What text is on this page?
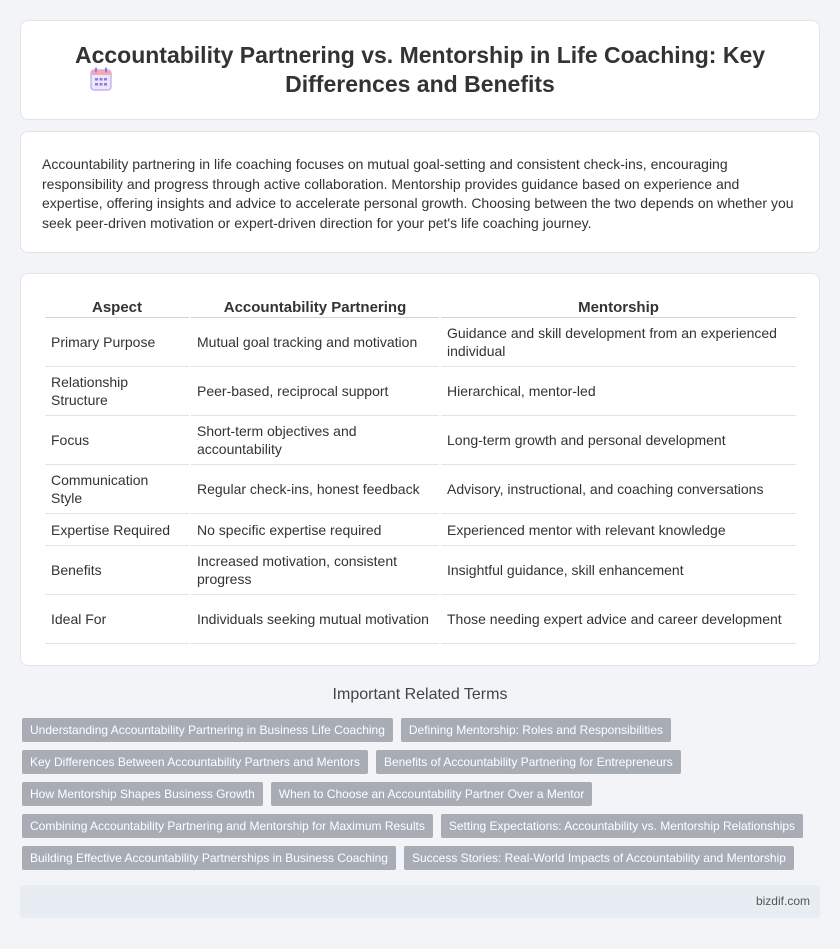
Accountability Partnering vs. Mentorship in Life Coaching: Key Differences and Benefits

Accountability partnering in life coaching focuses on mutual goal-setting and consistent check-ins, encouraging responsibility and progress through active collaboration. Mentorship provides guidance based on experience and expertise, offering insights and advice to accelerate personal growth. Choosing between the two depends on whether you seek peer-driven motivation or expert-driven direction for your pet's life coaching journey.

Aspect	Accountability Partnering	Mentorship
Primary Purpose	Mutual goal tracking and motivation	Guidance and skill development from an experienced individual
Relationship Structure	Peer-based, reciprocal support	Hierarchical, mentor-led
Focus	Short-term objectives and accountability	Long-term growth and personal development
Communication Style	Regular check-ins, honest feedback	Advisory, instructional, and coaching conversations
Expertise Required	No specific expertise required	Experienced mentor with relevant knowledge
Benefits	Increased motivation, consistent progress	Insightful guidance, skill enhancement
Ideal For	Individuals seeking mutual motivation	Those needing expert advice and career development
Important Related Terms
Understanding Accountability Partnering in Business Life Coaching	Defining Mentorship: Roles and Responsibilities
Key Differences Between Accountability Partners and Mentors	Benefits of Accountability Partnering for Entrepreneurs
How Mentorship Shapes Business Growth	When to Choose an Accountability Partner Over a Mentor
Combining Accountability Partnering and Mentorship for Maximum Results	Setting Expectations: Accountability vs. Mentorship Relationships
Building Effective Accountability Partnerships in Business Coaching	Success Stories: Real-World Impacts of Accountability and Mentorship
bizdif.com
